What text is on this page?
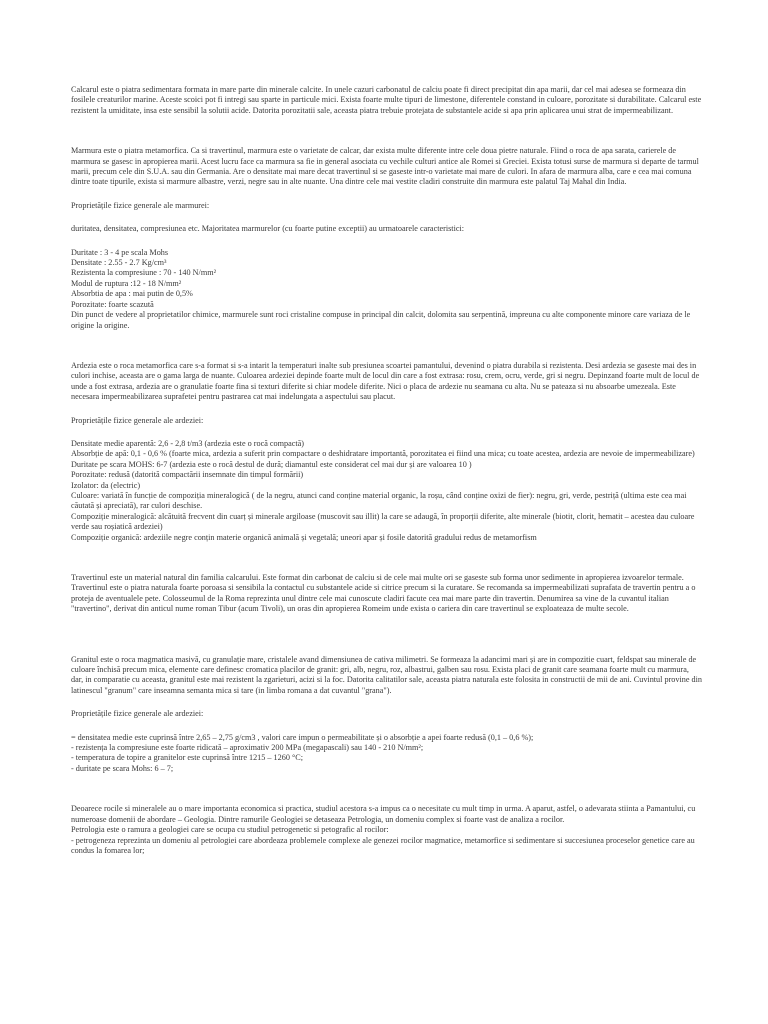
Calcarul este o piatra sedimentara formata in mare parte din minerale calcite. In unele cazuri carbonatul de calciu poate fi direct precipitat din apa marii, dar cel mai adesea se formeaza din fosilele creaturilor marine. Aceste scoici pot fi intregi sau sparte in particule mici. Exista foarte multe tipuri de limestone, diferentele constand in culoare, porozitate si durabilitate. Calcarul este rezistent la umiditate, insa este sensibil la solutii acide. Datorita porozitatii sale, aceasta piatra trebuie protejata de substantele acide si apa prin aplicarea unui strat de impermeabilizant.

Marmura este o piatra metamorfica. Ca si travertinul, marmura este o varietate de calcar, dar exista multe diferente intre cele doua pietre naturale. Fiind o roca de apa sarata, carierele de marmura se gasesc in apropierea marii. Acest lucru face ca marmura sa fie in general asociata cu vechile culturi antice ale Romei si Greciei. Exista totusi surse de marmura si departe de tarmul marii, precum cele din S.U.A. sau din Germania. Are o densitate mai mare decat travertinul si se gaseste intr-o varietate mai mare de culori. In afara de marmura alba, care e cea mai comuna dintre toate tipurile, exista si marmure albastre, verzi, negre sau in alte nuante. Una dintre cele mai vestite cladiri construite din marmura este palatul Taj Mahal din India.

Proprietățile fizice generale ale marmurei:

duritatea, densitatea, compresiunea etc. Majoritatea marmurelor (cu foarte putine exceptii) au urmatoarele caracteristici:

Duritate : 3 - 4 pe scala Mohs

Densitate : 2.55 - 2.7 Kg/cm³

Rezistenta la compresiune : 70 - 140 N/mm²

Modul de ruptura :12 - 18 N/mm²

Absorbtia de apa : mai putin de 0,5%

Porozitate: foarte scazută

Din punct de vedere al proprietatilor chimice, marmurele sunt roci cristaline compuse in principal din calcit, dolomita sau serpentină, impreuna cu alte componente minore care variaza de le origine la origine.

Ardezia este o roca metamorfica care s-a format si s-a intarit la temperaturi inalte sub presiunea scoartei pamantului, devenind o piatra durabila si rezistenta. Desi ardezia se gaseste mai des in culori inchise, aceasta are o gama larga de nuante. Culoarea ardeziei depinde foarte mult de locul din care a fost extrasa: rosu, crem, ocru, verde, gri si negru. Depinzand foarte mult de locul de unde a fost extrasa, ardezia are o granulatie foarte fina si texturi diferite si chiar modele diferite. Nici o placa de ardezie nu seamana cu alta. Nu se pateaza si nu absoarbe umezeala. Este necesara impermeabilizarea suprafetei pentru pastrarea cat mai indelungata a aspectului sau placut.

Proprietățile fizice generale ale ardeziei:

Densitate medie aparentă: 2,6 - 2,8 t/m3 (ardezia este o rocă compactă)

Absorbție de apă: 0,1 - 0,6 % (foarte mica, ardezia a suferit prin compactare o deshidratare importantă, porozitatea ei fiind una mica; cu toate acestea, ardezia are nevoie de impermeabilizare)

Duritate pe scara MOHS: 6-7 (ardezia este o rocă destul de dură; diamantul este considerat cel mai dur și are valoarea 10 )

Porozitate: redusă (datorită compactării insemnate din timpul formării)

Izolator: da (electric)

Culoare: variată în funcție de compoziția mineralogică ( de la negru, atunci cand conține material organic, la roșu, când conține oxizi de fier): negru, gri, verde, pestriță (ultima este cea mai căutată și apreciată), rar culori deschise.

Compoziție mineralogică: alcătuită frecvent din cuarț și minerale argiloase (muscovit sau illit) la care se adaugă, în proporții diferite, alte minerale (biotit, clorit, hematit – acestea dau culoare verde sau roșiatică ardeziei)

Compoziție organică: ardeziile negre conțin materie organică animală și vegetală; uneori apar și fosile datorită gradului redus de metamorfism

Travertinul este un material natural din familia calcarului. Este format din carbonat de calciu si de cele mai multe ori se gaseste sub forma unor sedimente in apropierea izvoarelor termale. Travertinul este o piatra naturala foarte poroasa si sensibila la contactul cu substantele acide si citrice precum si la curatare. Se recomanda sa impermeabilizati suprafata de travertin pentru a o proteja de aventualele pete. Colosseumul de la Roma reprezinta unul dintre cele mai cunoscute cladiri facute cea mai mare parte din travertin. Denumirea sa vine de la cuvantul italian "travertino", derivat din anticul nume roman Tibur (acum Tivoli), un oras din apropierea Romeim unde exista o cariera din care travertinul se exploateaza de multe secole.

Granitul este o roca magmatica masivă, cu granulație mare, cristalele avand dimensiunea de cativa milimetri. Se formeaza la adancimi mari și are in compozitie cuart, feldspat sau minerale de culoare închisă precum mica, elemente care definesc cromatica placilor de granit: gri, alb, negru, roz, albastrui, galben sau rosu. Exista placi de granit care seamana foarte mult cu marmura, dar, in comparatie cu aceasta, granitul este mai rezistent la zgarieturi, acizi si la foc. Datorita calitatilor sale, aceasta piatra naturala este folosita in constructii de mii de ani. Cuvintul provine din latinescul "granum" care inseamna semanta mica si tare (in limba romana a dat cuvantul "grana").

Proprietățile fizice generale ale ardeziei:

= densitatea medie este cuprinsă între 2,65 – 2,75 g/cm3 , valori care impun o permeabilitate și o absorbție a apei foarte redusă (0,1 – 0,6 %);

- rezistența la compresiune este foarte ridicată – aproximativ 200 MPa (megapascali) sau 140 - 210 N/mm²;

- temperatura de topire a granitelor este cuprinsă între 1215 – 1260 °C;

- duritate pe scara Mohs: 6 – 7;

Deoarece rocile si mineralele au o mare importanta economica si practica, studiul acestora s-a impus ca o necesitate cu mult timp in urma. A aparut, astfel, o adevarata stiinta a Pamantului, cu numeroase domenii de abordare – Geologia. Dintre ramurile Geologiei se detaseaza Petrologia, un domeniu complex si foarte vast de analiza a rocilor.

Petrologia este o ramura a geologiei care se ocupa cu studiul petrogenetic si petografic al rocilor:

- petrogeneza reprezinta un domeniu al petrologiei care abordeaza problemele complexe ale genezei rocilor magmatice, metamorfice si sedimentare si succesiunea proceselor genetice care au condus la fomarea lor;
